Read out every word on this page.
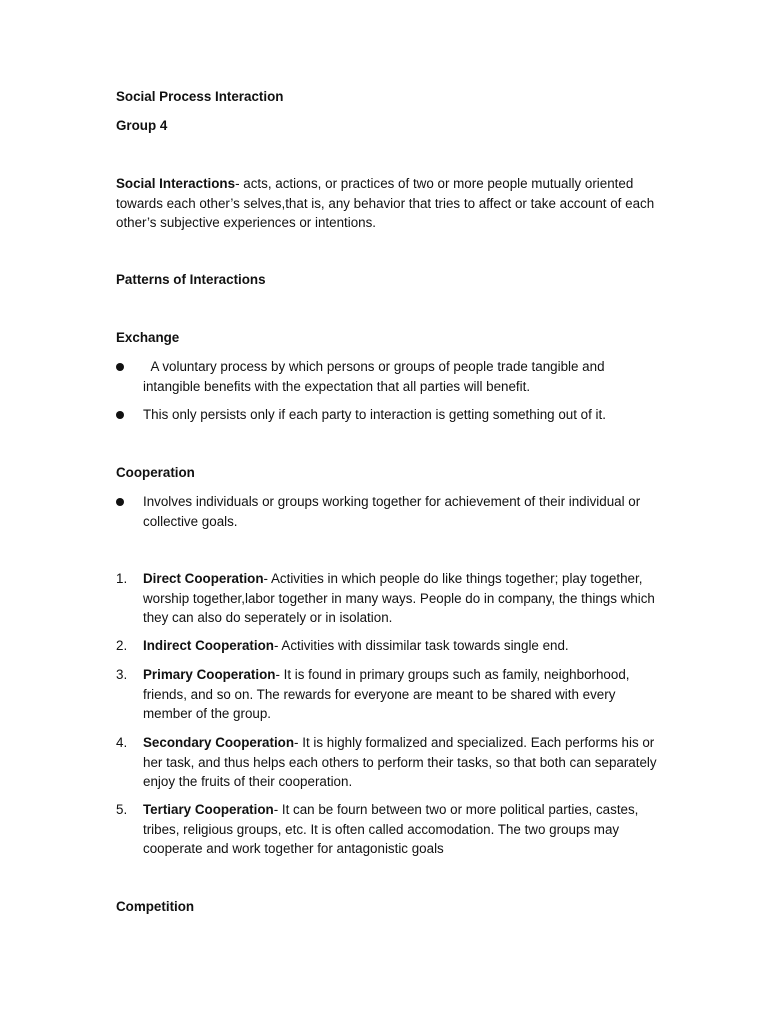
Social Process Interaction
Group 4
Social Interactions- acts, actions, or practices of two or more people mutually oriented towards each other’s selves,that is, any behavior that tries to affect or take account of each other’s subjective experiences or intentions.
Patterns of Interactions
Exchange
A voluntary process by which persons or groups of people trade tangible and intangible benefits with the expectation that all parties will benefit.
This only persists only if each party to interaction is getting something out of it.
Cooperation
Involves individuals or groups working together for achievement of their individual or collective goals.
1.	Direct Cooperation- Activities in which people do like things together; play together, worship together,labor together in many ways. People do in company, the things which they can also do seperately or in isolation.
2.	Indirect Cooperation- Activities with dissimilar task towards single end.
3.	Primary Cooperation- It is found in primary groups such as family, neighborhood, friends, and so on. The rewards for everyone are meant to be shared with every member of the group.
4.	Secondary Cooperation- It is highly formalized and specialized. Each performs his or her task, and thus helps each others to perform their tasks, so that both can separately enjoy the fruits of their cooperation.
5.	Tertiary Cooperation- It can be fourn between two or more political parties, castes, tribes, religious groups, etc. It is often called accomodation. The two groups may cooperate and work together for antagonistic goals
Competition
